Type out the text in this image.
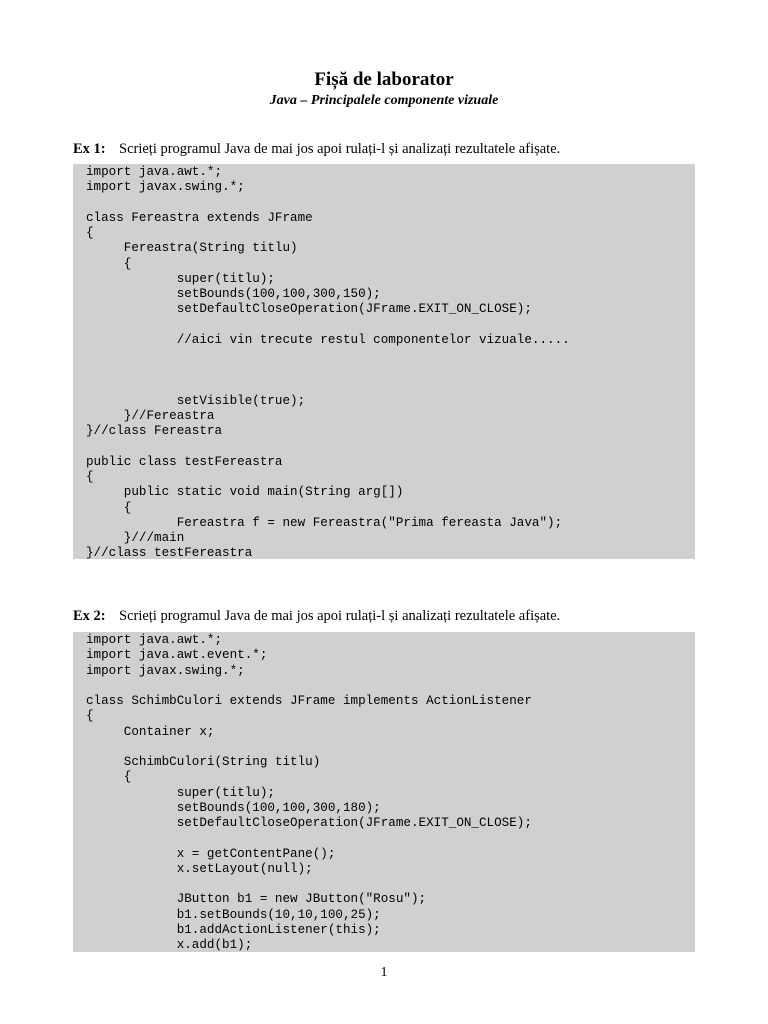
Fișă de laborator
Java – Principalele componente vizuale
Ex 1: Scrieți programul Java de mai jos apoi rulați-l și analizați rezultatele afișate.
import java.awt.*;
import javax.swing.*;
class Fereastra extends JFrame
{
Fereastra(String titlu)
{
super(titlu);
setBounds(100,100,300,150);
setDefaultCloseOperation(JFrame.EXIT_ON_CLOSE);
//aici vin trecute restul componentelor vizuale.....
setVisible(true);
}//Fereastra
}//class Fereastra
public class testFereastra
{
public static void main(String arg[])
{
Fereastra f = new Fereastra("Prima fereasta Java");
}///main
}//class testFereastra
Ex 2: Scrieți programul Java de mai jos apoi rulați-l și analizați rezultatele afișate.
import java.awt.*;
import java.awt.event.*;
import javax.swing.*;
class SchimbCulori extends JFrame implements ActionListener
{
Container x;
SchimbCulori(String titlu)
{
super(titlu);
setBounds(100,100,300,180);
setDefaultCloseOperation(JFrame.EXIT_ON_CLOSE);
x = getContentPane();
x.setLayout(null);
JButton b1 = new JButton("Rosu");
b1.setBounds(10,10,100,25);
b1.addActionListener(this);
x.add(b1);
1
